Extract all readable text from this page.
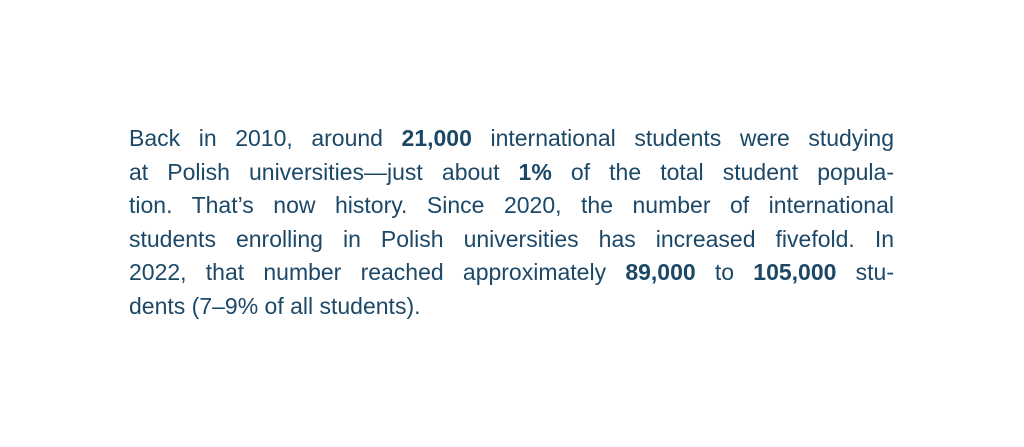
Back in 2010, around 21,000 international students were studying
at Polish universities—just about 1% of the total student popula-
tion. That’s now history. Since 2020, the number of international
students enrolling in Polish universities has increased fivefold. In
2022, that number reached approximately 89,000 to 105,000 stu-
dents (7–9% of all students).
